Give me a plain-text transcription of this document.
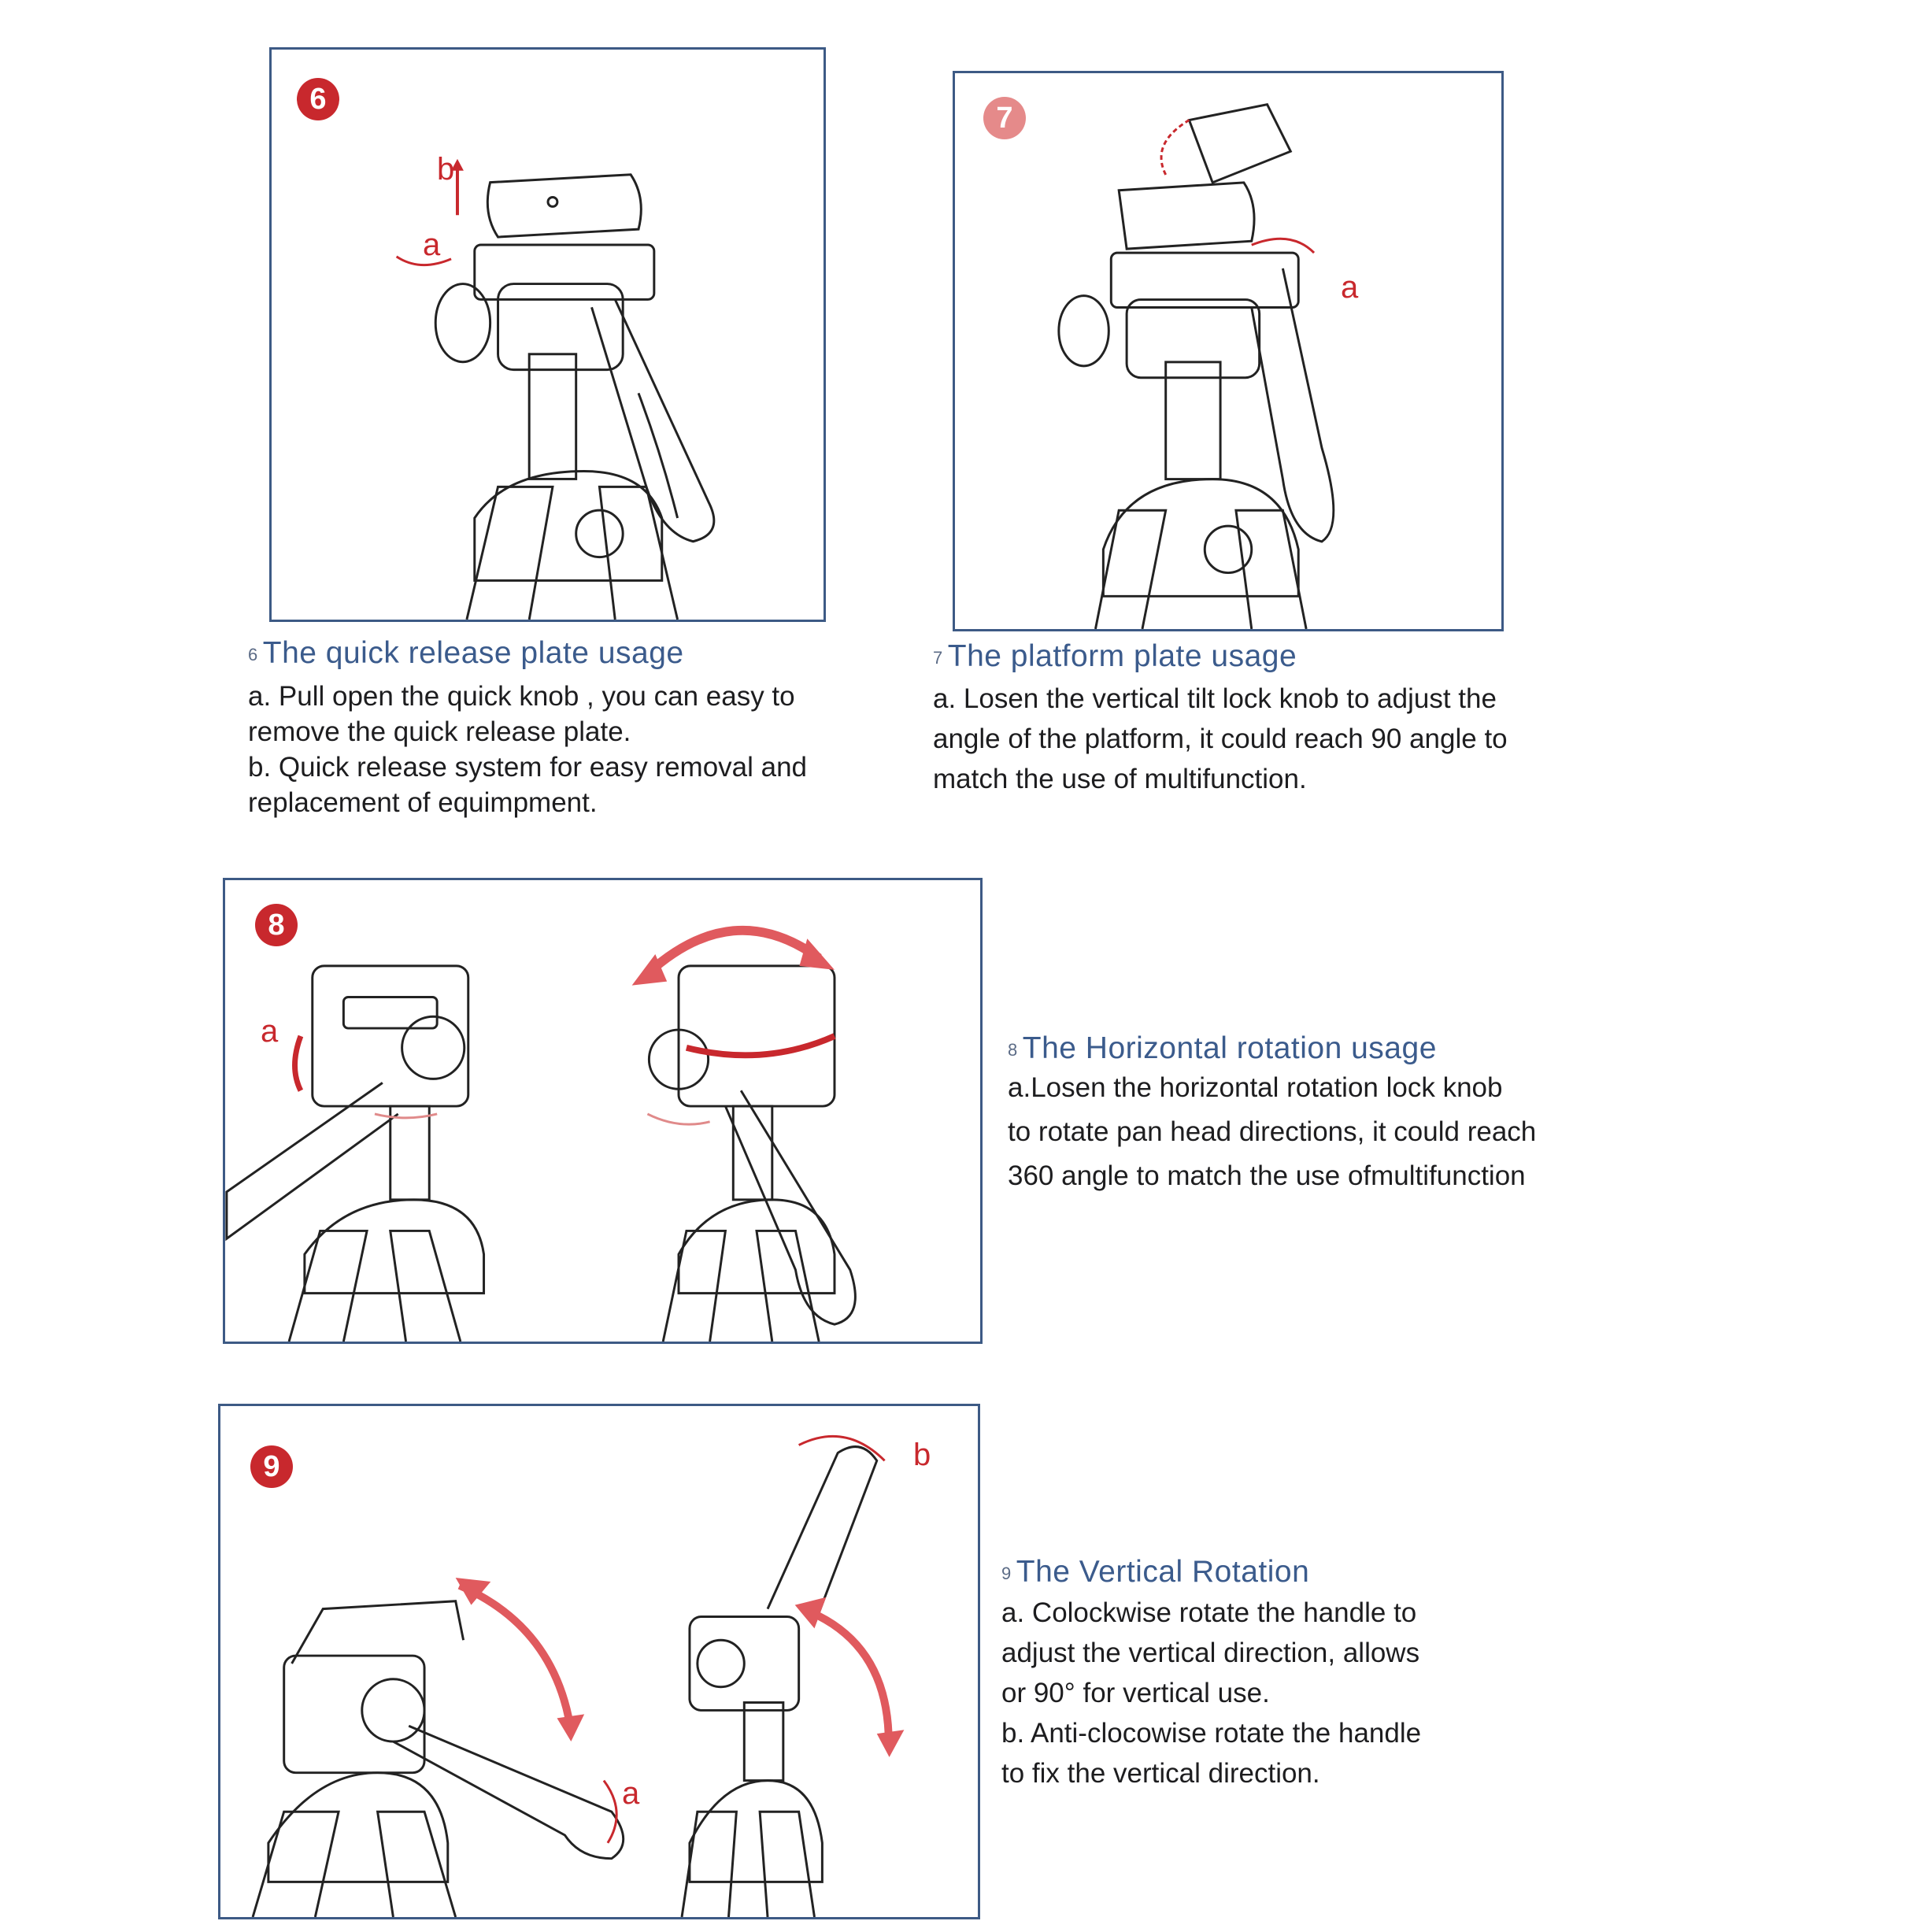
6
a
b
7
a
8
a
9
a
b
6 The quick release plate usage
a. Pull open the quick knob , you can easy to
remove the quick release plate.
b. Quick release system for easy removal and
replacement of equimpment.
7 The platform plate usage
a. Losen the vertical tilt lock knob to adjust the
angle of the platform, it could reach 90 angle to
match the use of multifunction.
8 The Horizontal rotation usage
a.Losen the horizontal rotation lock knob
to rotate pan head directions, it could reach
360 angle to match the use ofmultifunction
9 The Vertical Rotation
a. Colockwise rotate the handle to
adjust the vertical direction, allows
or 90° for vertical use.
b. Anti-clocowise rotate the handle
to fix the vertical direction.
